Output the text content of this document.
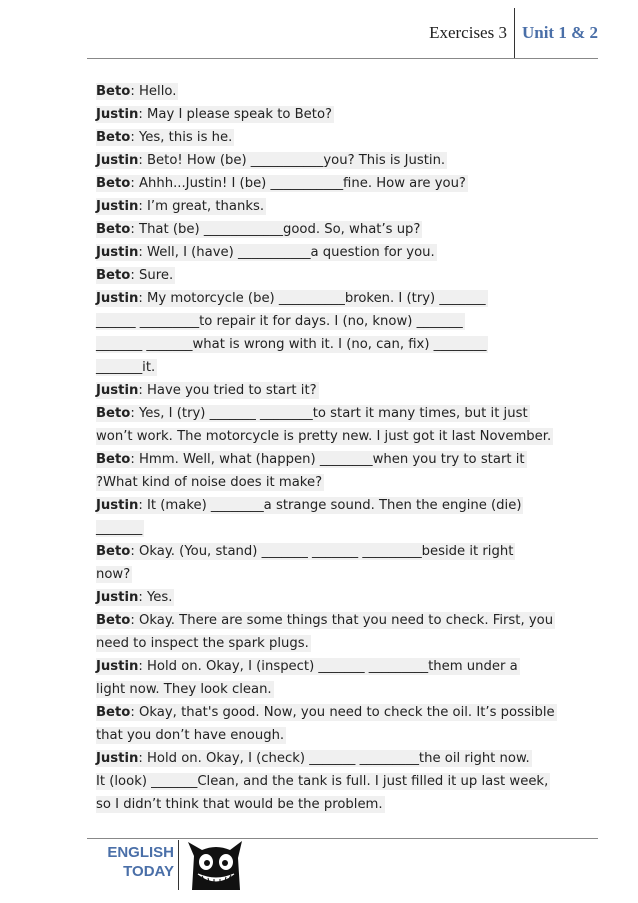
Exercises 3 Unit 1 & 2
Beto: Hello.
Justin: May I please speak to Beto?
Beto: Yes, this is he.
Justin: Beto! How (be) ___________you? This is Justin.
Beto: Ahhh...Justin! I (be) ___________fine. How are you?
Justin: I’m great, thanks.
Beto: That (be) ____________good. So, what’s up?
Justin: Well, I (have) ___________a question for you.
Beto: Sure.
Justin: My motorcycle (be) __________broken. I (try) _______
______ _________to repair it for days. I (no, know) _______
_______ _______what is wrong with it. I (no, can, fix) ________
_______it.
Justin: Have you tried to start it?
Beto: Yes, I (try) _______ ________to start it many times, but it just
won’t work. The motorcycle is pretty new. I just got it last November.
Beto: Hmm. Well, what (happen) ________when you try to start it
?What kind of noise does it make?
Justin: It (make) ________a strange sound. Then the engine (die)
_______
Beto: Okay. (You, stand) _______ _______ _________beside it right
now?
Justin: Yes.
Beto: Okay. There are some things that you need to check. First, you
need to inspect the spark plugs.
Justin: Hold on. Okay, I (inspect) _______ _________them under a
light now. They look clean.
Beto: Okay, that's good. Now, you need to check the oil. It’s possible
that you don’t have enough.
Justin: Hold on. Okay, I (check) _______ _________the oil right now.
It (look) _______Clean, and the tank is full. I just filled it up last week,
so I didn’t think that would be the problem.
ENGLISH
TODAY
